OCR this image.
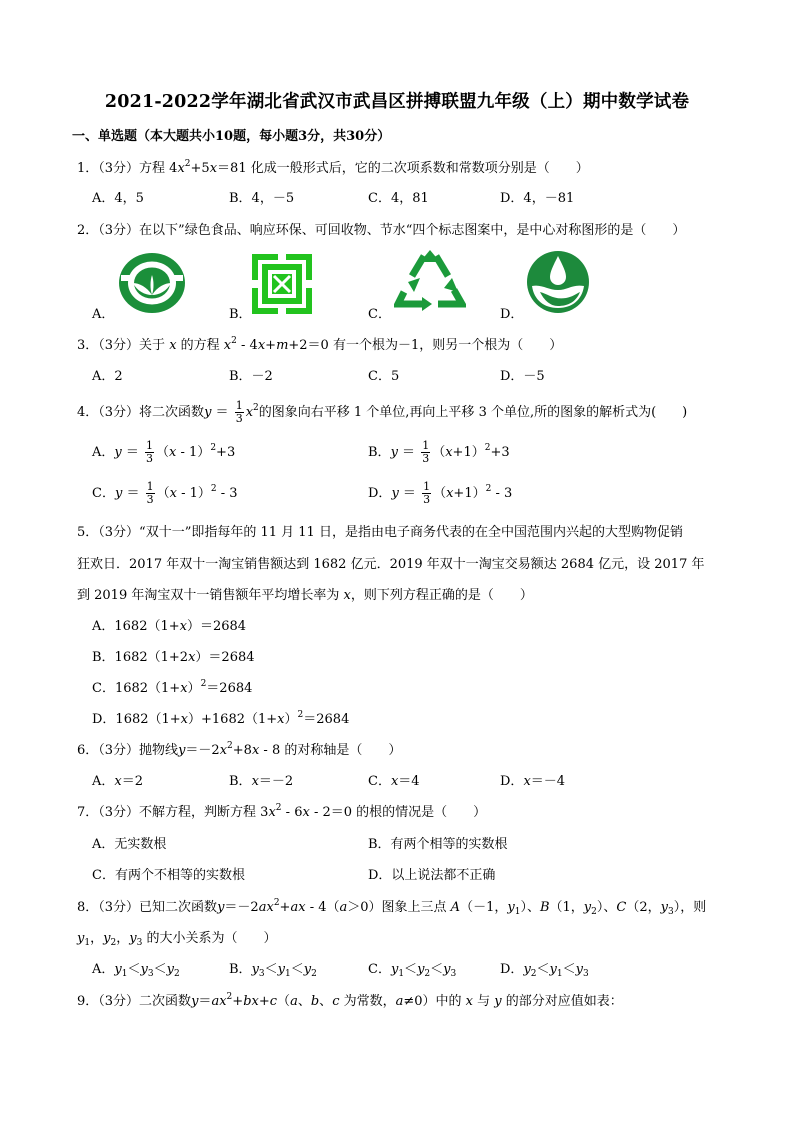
2021-2022学年湖北省武汉市武昌区拼搏联盟九年级（上）期中数学试卷
一、单选题（本大题共小10题，每小题3分，共30分）
1．（3分）方程 $4x^2+5x=81$ 化成一般形式后，它的二次项系数和常数项分别是（　　）
A．4，5	B．4，－5	C．4，81	D．4，－81
2．（3分）在以下”绿色食品、响应环保、可回收物、节水“四个标志图案中，是中心对称图形的是（　　）
A．	B．	C．	D．
3．（3分）关于 x 的方程 $x^2 - 4x+m+2=0$ 有一个根为－1，则另一个根为（　　）
A．2	B．－2	C．5	D．－5
4．（3分）将二次函数$y = \frac{1}{3} x^2$的图象向右平移 1 个单位,再向上平移 3 个单位,所的图象的解析式为(　　)
A．$y = \frac{1}{3} (x - 1)^2+3$	B．$y = \frac{1}{3} (x+1)^2+3$
C．$y = \frac{1}{3} (x - 1)^2 - 3$	D．$y = \frac{1}{3} (x+1)^2 - 3$
5．（3分）“双十一”即指每年的 11 月 11 日，是指由电子商务代表的在全中国范围内兴起的大型购物促销
狂欢日．2017 年双十一淘宝销售额达到 1682 亿元．2019 年双十一淘宝交易额达 2684 亿元，设 2017 年
到 2019 年淘宝双十一销售额年平均增长率为 x，则下列方程正确的是（　　）
A．1682（1+x）＝2684
B．1682（1+2x）＝2684
C．$1682(1+x)^2=2684$
D．$1682(1+x)+1682(1+x)^2=2684$
6．（3分）抛物线$y=-2x^2+8x - 8$ 的对称轴是（　　）
A．x＝2	B．x＝－2	C．x＝4	D．x＝－4
7．（3分）不解方程，判断方程 $3x^2 - 6x - 2=0$ 的根的情况是（　　）
A．无实数根	B．有两个相等的实数根
C．有两个不相等的实数根	D．以上说法都不正确
8．（3分）已知二次函数$y=-2ax^2+ax - 4(a>0)$图象上三点 A（－1，$y_1$）、B（1，$y_2$）、C（2，$y_3$），则
$y_1$，$y_2$，$y_3$ 的大小关系为（　　）
A．$y_1<y_3<y_2$	B．$y_3<y_1<y_2$	C．$y_1<y_2<y_3$	D．$y_2<y_1<y_3$
9．（3分）二次函数$y=ax^2+bx+c(a$、b、c 为常数，a≠0）中的 x 与 y 的部分对应值如表：
